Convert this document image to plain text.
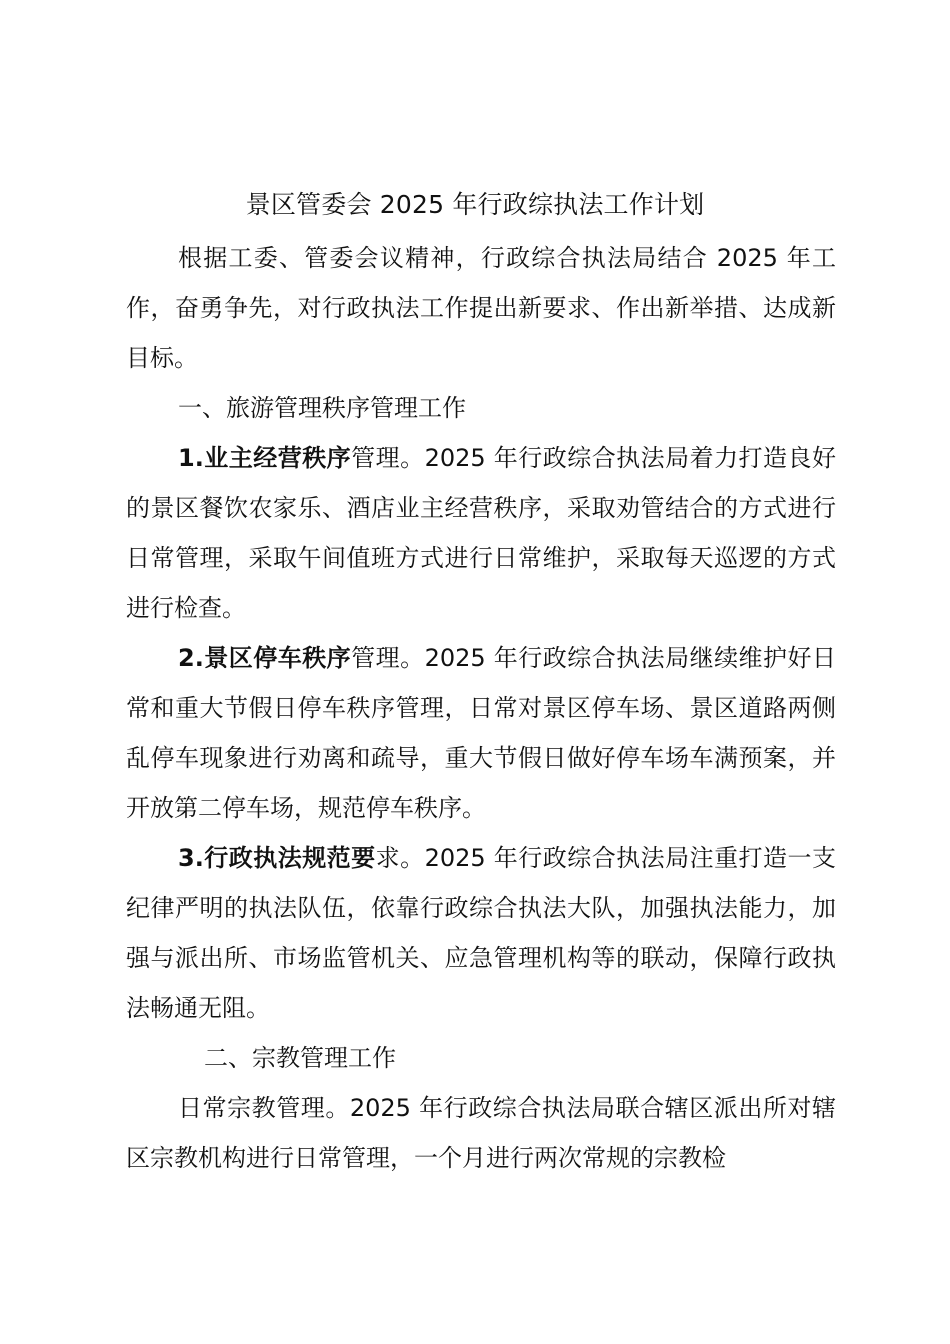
景区管委会 2025 年行政综执法工作计划

根据工委、管委会议精神，行政综合执法局结合 2025 年工作，奋勇争先，对行政执法工作提出新要求、作出新举措、达成新目标。

一、旅游管理秩序管理工作

1.业主经营秩序管理。2025 年行政综合执法局着力打造良好的景区餐饮农家乐、酒店业主经营秩序，采取劝管结合的方式进行日常管理，采取午间值班方式进行日常维护，采取每天巡逻的方式进行检查。

2.景区停车秩序管理。2025 年行政综合执法局继续维护好日常和重大节假日停车秩序管理，日常对景区停车场、景区道路两侧乱停车现象进行劝离和疏导，重大节假日做好停车场车满预案，并开放第二停车场，规范停车秩序。

3.行政执法规范要求。2025 年行政综合执法局注重打造一支纪律严明的执法队伍，依靠行政综合执法大队，加强执法能力，加强与派出所、市场监管机关、应急管理机构等的联动，保障行政执法畅通无阻。

二、宗教管理工作

日常宗教管理。2025 年行政综合执法局联合辖区派出所对辖区宗教机构进行日常管理，一个月进行两次常规的宗教检
